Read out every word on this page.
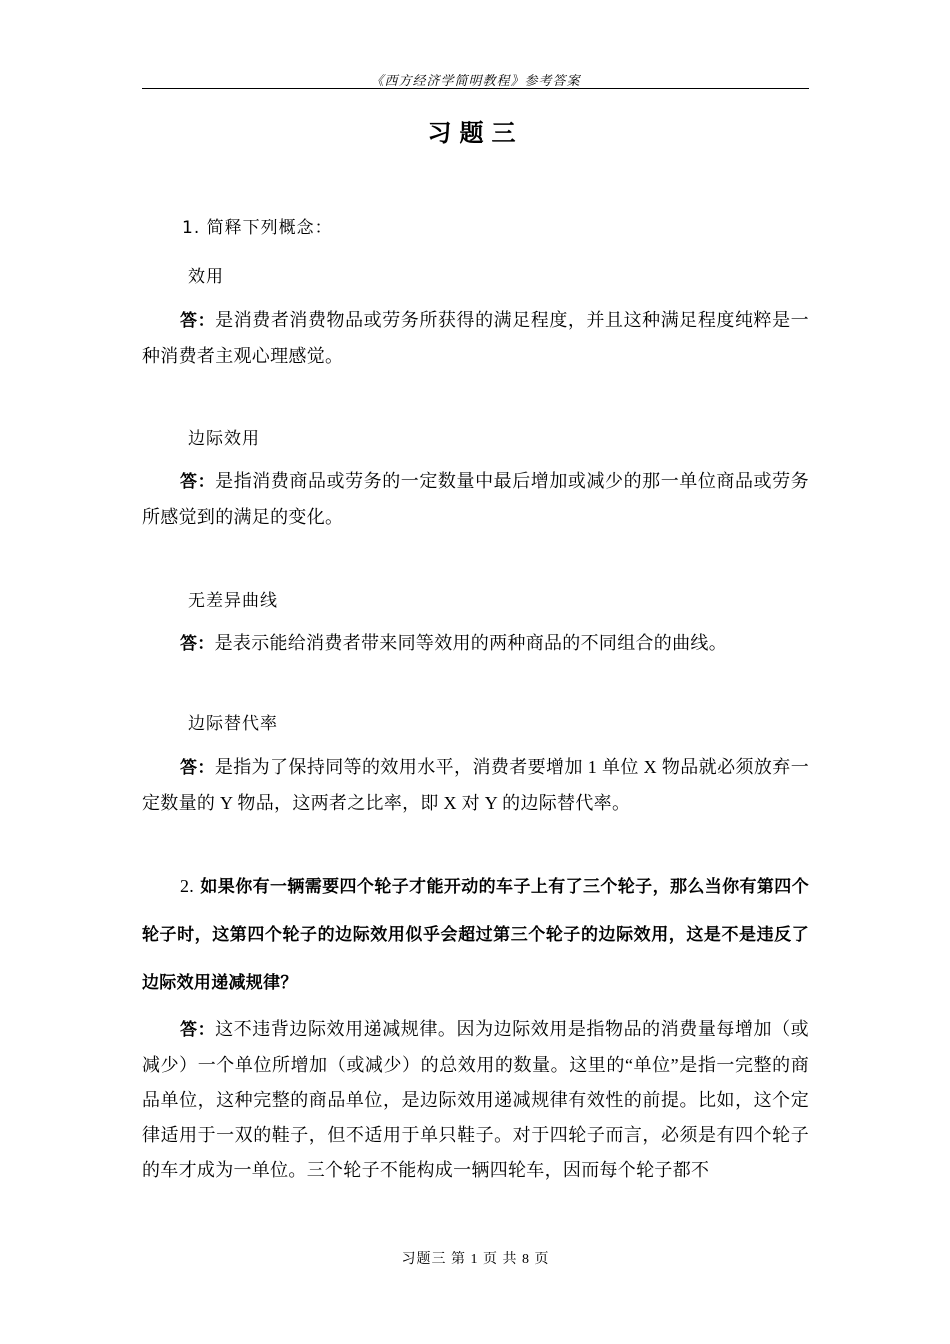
《西方经济学简明教程》参考答案
习题三
1. 简释下列概念：
效用
答：是消费者消费物品或劳务所获得的满足程度，并且这种满足程度纯粹是一种消费者主观心理感觉。
边际效用
答：是指消费商品或劳务的一定数量中最后增加或减少的那一单位商品或劳务所感觉到的满足的变化。
无差异曲线
答：是表示能给消费者带来同等效用的两种商品的不同组合的曲线。
边际替代率
答：是指为了保持同等的效用水平，消费者要增加 1 单位 X 物品就必须放弃一定数量的 Y 物品，这两者之比率，即 X 对 Y 的边际替代率。
2. 如果你有一辆需要四个轮子才能开动的车子上有了三个轮子，那么当你有第四个轮子时，这第四个轮子的边际效用似乎会超过第三个轮子的边际效用，这是不是违反了边际效用递减规律？
答：这不违背边际效用递减规律。因为边际效用是指物品的消费量每增加（或减少）一个单位所增加（或减少）的总效用的数量。这里的“单位”是指一完整的商品单位，这种完整的商品单位，是边际效用递减规律有效性的前提。比如，这个定律适用于一双的鞋子，但不适用于单只鞋子。对于四轮子而言，必须是有四个轮子的车才成为一单位。三个轮子不能构成一辆四轮车，因而每个轮子都不
习题三 第 1 页 共 8 页
